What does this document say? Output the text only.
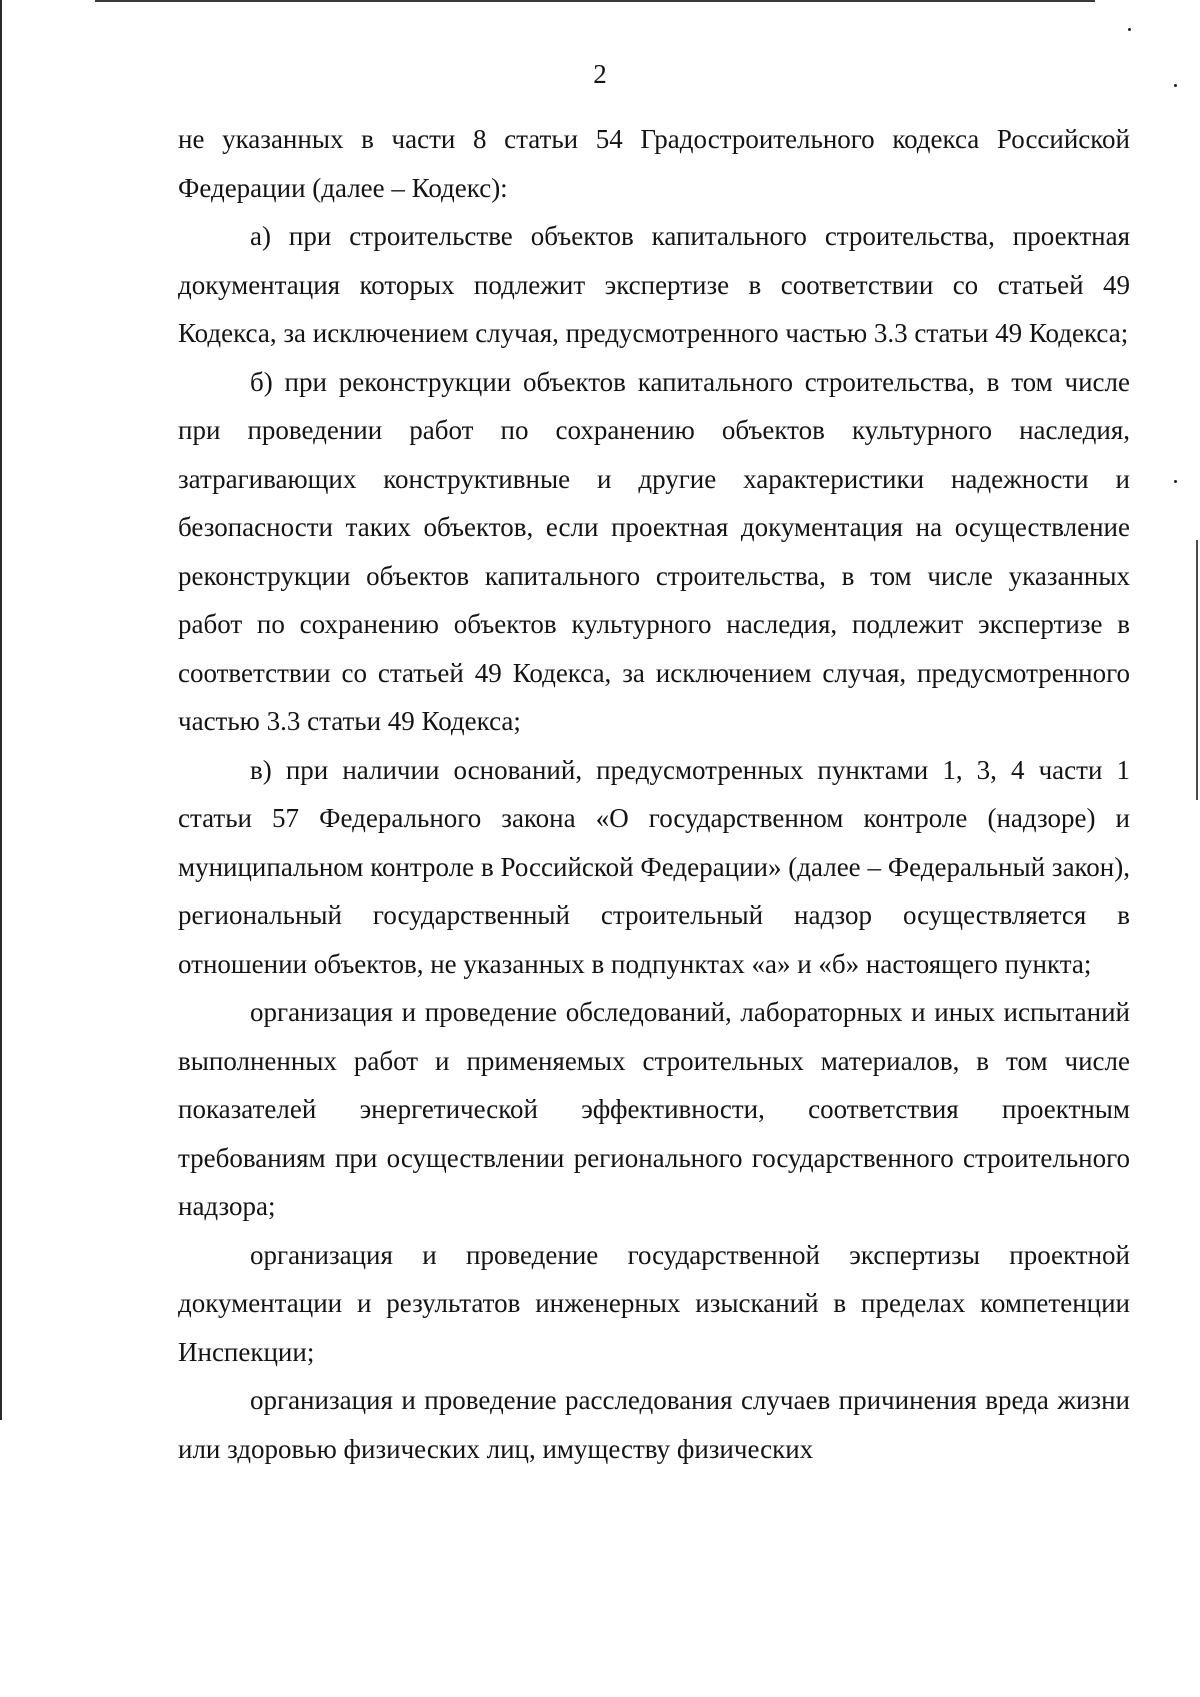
2

не указанных в части 8 статьи 54 Градостроительного кодекса Российской Федерации (далее – Кодекс):

а) при строительстве объектов капитального строительства, проектная документация которых подлежит экспертизе в соответствии со статьей 49 Кодекса, за исключением случая, предусмотренного частью 3.3 статьи 49 Кодекса;

б) при реконструкции объектов капитального строительства, в том числе при проведении работ по сохранению объектов культурного наследия, затрагивающих конструктивные и другие характеристики надежности и безопасности таких объектов, если проектная документация на осуществление реконструкции объектов капитального строительства, в том числе указанных работ по сохранению объектов культурного наследия, подлежит экспертизе в соответствии со статьей 49 Кодекса, за исключением случая, предусмотренного частью 3.3 статьи 49 Кодекса;

в) при наличии оснований, предусмотренных пунктами 1, 3, 4 части 1 статьи 57 Федерального закона «О государственном контроле (надзоре) и муниципальном контроле в Российской Федерации» (далее – Федеральный закон), региональный государственный строительный надзор осуществляется в отношении объектов, не указанных в подпунктах «а» и «б» настоящего пункта;

организация и проведение обследований, лабораторных и иных испытаний выполненных работ и применяемых строительных материалов, в том числе показателей энергетической эффективности, соответствия проектным требованиям при осуществлении регионального государственного строительного надзора;

организация и проведение государственной экспертизы проектной документации и результатов инженерных изысканий в пределах компетенции Инспекции;

организация и проведение расследования случаев причинения вреда жизни или здоровью физических лиц, имуществу физических
